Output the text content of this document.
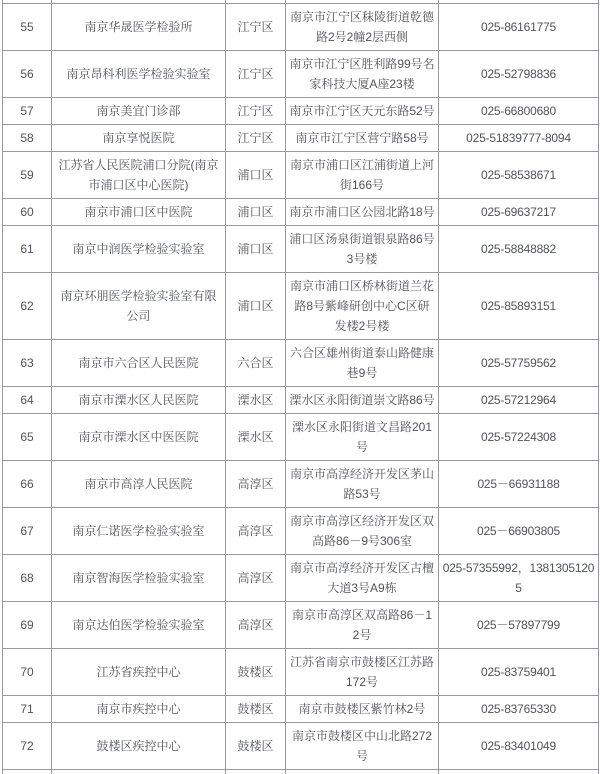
55	南京华晟医学检验所	江宁区	南京市江宁区秣陵街道乾德路2号2幢2层西侧	025-86161775
56	南京昂科利医学检验实验室	江宁区	南京市江宁区胜利路99号名家科技大厦A座23楼	025-52798836
57	南京美宜门诊部	江宁区	南京市江宁区天元东路52号	025-66800680
58	南京享悦医院	江宁区	南京市江宁区营宁路58号	025-51839777-8094
59	江苏省人民医院浦口分院(南京市浦口区中心医院)	浦口区	南京市浦口区江浦街道上河街166号	025-58538671
60	南京市浦口区中医院	浦口区	南京市浦口区公园北路18号	025-69637217
61	南京中润医学检验实验室	浦口区	浦口区汤泉街道银泉路86号3号楼	025-58848882
62	南京环朋医学检验实验室有限公司	浦口区	南京市浦口区桥林街道兰花路8号紫峰研创中心C区研发楼2号楼	025-85893151
63	南京市六合区人民医院	六合区	六合区雄州街道泰山路健康巷9号	025-57759562
64	南京市溧水区人民医院	溧水区	溧水区永阳街道崇文路86号	025-57212964
65	南京市溧水区中医医院	溧水区	溧水区永阳街道文昌路201号	025-57224308
66	南京市高淳人民医院	高淳区	南京市高淳经济开发区茅山路53号	025－66931188
67	南京仁诺医学检验实验室	高淳区	南京市高淳区经济开发区双高路86－9号306室	025－66903805
68	南京智海医学检验实验室	高淳区	南京市高淳经济开发区古檀大道3号A9栋	025-57355992，13813051205
69	南京达伯医学检验实验室	高淳区	南京市高淳区双高路86－12号	025－57897799
70	江苏省疾控中心	鼓楼区	江苏省南京市鼓楼区江苏路172号	025-83759401
71	南京市疾控中心	鼓楼区	南京市鼓楼区紫竹林2号	025-83765330
72	鼓楼区疾控中心	鼓楼区	南京市鼓楼区中山北路272号	025-83401049
